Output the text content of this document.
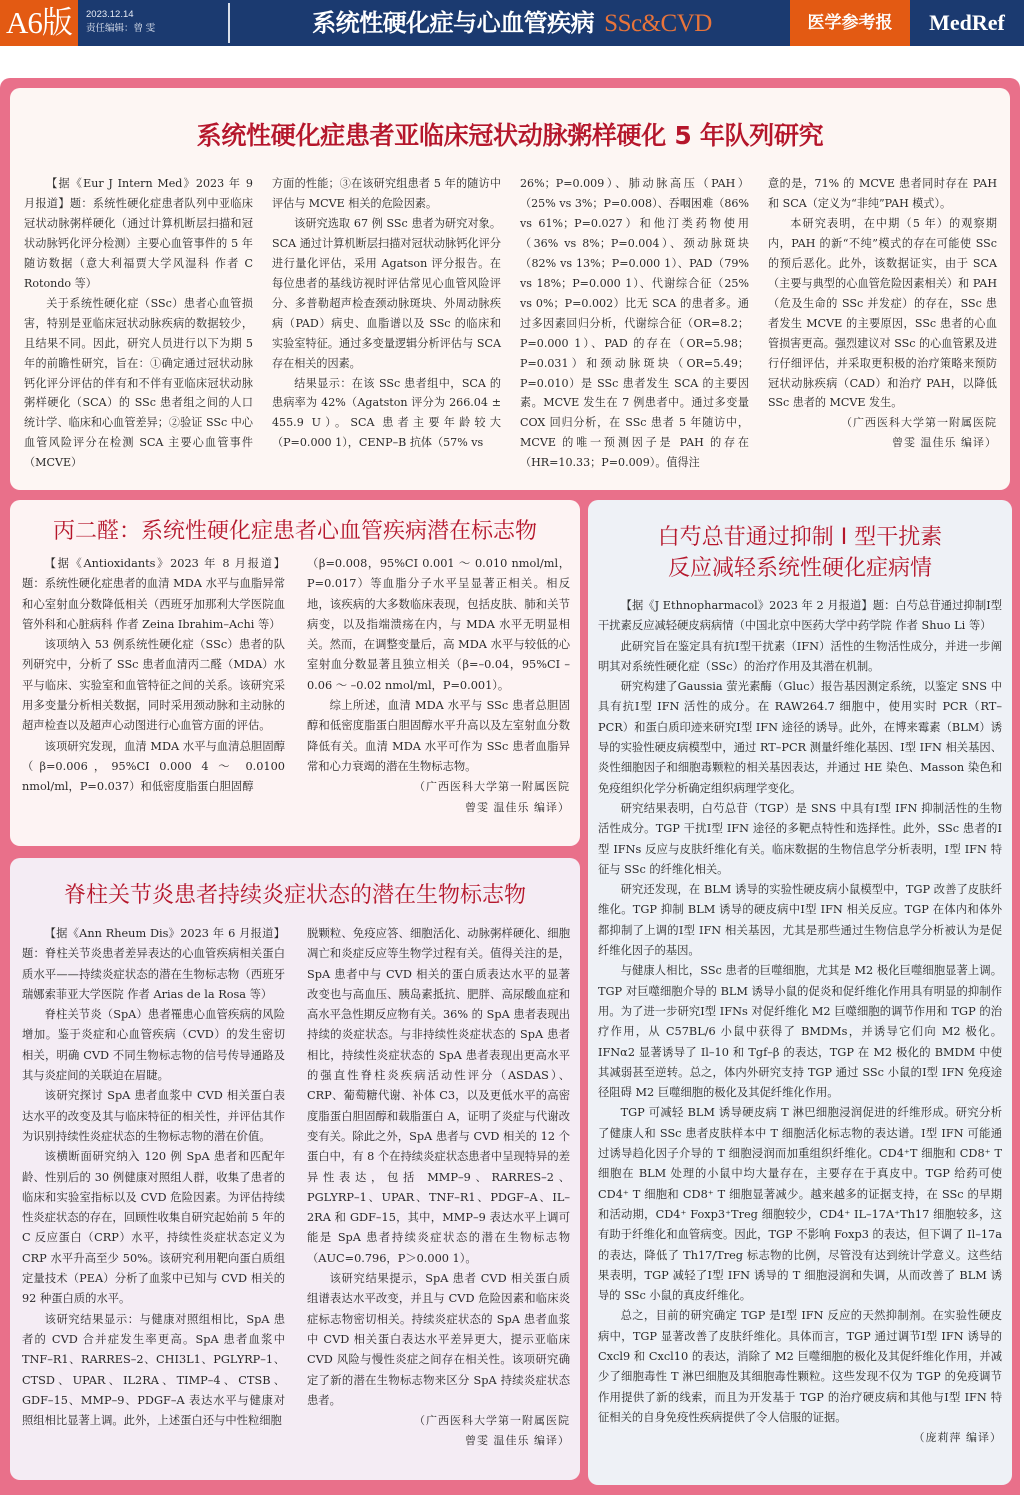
A6版	2023.12.14
责任编辑：曾 雯	系统性硬化症与心血管疾病 SSc&CVD	医学参考报	MedRef
系统性硬化症患者亚临床冠状动脉粥样硬化 5 年队列研究

【据《Eur J Intern Med》2023 年 9 月报道】题：系统性硬化症患者队列中亚临床冠状动脉粥样硬化（通过计算机断层扫描和冠状动脉钙化评分检测）主要心血管事件的 5 年随访数据（意大利福贾大学风湿科 作者 C Rotondo 等）

关于系统性硬化症（SSc）患者心血管损害，特别是亚临床冠状动脉疾病的数据较少，且结果不同。因此，研究人员进行以下为期 5 年的前瞻性研究，旨在：①确定通过冠状动脉钙化评分评估的伴有和不伴有亚临床冠状动脉粥样硬化（SCA）的 SSc 患者组之间的人口统计学、临床和心血管差异；②验证 SSc 中心血管风险评分在检测 SCA 主要心血管事件（MCVE）

方面的性能；③在该研究组患者 5 年的随访中评估与 MCVE 相关的危险因素。

该研究选取 67 例 SSc 患者为研究对象。SCA 通过计算机断层扫描对冠状动脉钙化评分进行量化评估，采用 Agatson 评分报告。在每位患者的基线访视时评估常见心血管风险评分、多普勒超声检查颈动脉斑块、外周动脉疾病（PAD）病史、血脂谱以及 SSc 的临床和实验室特征。通过多变量逻辑分析评估与 SCA 存在相关的因素。

结果显示：在该 SSc 患者组中，SCA 的患病率为 42%（Agatston 评分为 266.04 ± 455.9 U）。SCA 患者主要年龄较大（P=0.000 1），CENP–B 抗体（57% vs

26%；P=0.009）、肺动脉高压（PAH）（25% vs 3%；P=0.008）、吞咽困难（86% vs 61%；P=0.027）和他汀类药物使用（36% vs 8%；P=0.004）、颈动脉斑块（82% vs 13%；P=0.000 1）、PAD（79% vs 18%；P=0.000 1）、代谢综合征（25% vs 0%；P=0.002）比无 SCA 的患者多。通过多因素回归分析，代谢综合征（OR=8.2；P=0.000 1）、PAD 的存在（OR=5.98；P=0.031）和颈动脉斑块（OR=5.49；P=0.010）是 SSc 患者发生 SCA 的主要因素。MCVE 发生在 7 例患者中。通过多变量 COX 回归分析，在 SSc 患者 5 年随访中，MCVE 的唯一预测因子是 PAH 的存在（HR=10.33；P=0.009）。值得注

意的是，71% 的 MCVE 患者同时存在 PAH 和 SCA（定义为“非纯”PAH 模式）。

本研究表明，在中期（5 年）的观察期内，PAH 的新“不纯”模式的存在可能使 SSc 的预后恶化。此外，该数据证实，由于 SCA（主要与典型的心血管危险因素相关）和 PAH（危及生命的 SSc 并发症）的存在，SSc 患者发生 MCVE 的主要原因，SSc 患者的心血管损害更高。强烈建议对 SSc 的心血管累及进行仔细评估，并采取更积极的治疗策略来预防冠状动脉疾病（CAD）和治疗 PAH，以降低 SSc 患者的 MCVE 发生。

（广西医科大学第一附属医院

曾雯 温佳乐 编译）

丙二醛：系统性硬化症患者心血管疾病潜在标志物

【据《Antioxidants》2023 年 8 月报道】题：系统性硬化症患者的血清 MDA 水平与血脂异常和心室射血分数降低相关（西班牙加那利大学医院血管外科和心脏病科 作者 Zeina Ibrahim–Achi 等）

该项纳入 53 例系统性硬化症（SSc）患者的队列研究中，分析了 SSc 患者血清丙二醛（MDA）水平与临床、实验室和血管特征之间的关系。该研究采用多变量分析相关数据，同时采用颈动脉和主动脉的超声检查以及超声心动图进行心血管方面的评估。

该项研究发现，血清 MDA 水平与血清总胆固醇（β=0.006，95%CI 0.000 4 ～ 0.0100 nmol/ml，P=0.037）和低密度脂蛋白胆固醇

（β=0.008，95%CI 0.001 ～ 0.010 nmol/ml，P=0.017）等血脂分子水平呈显著正相关。相反地，该疾病的大多数临床表现，包括皮肤、肺和关节病变，以及指端溃疡在内，与 MDA 水平无明显相关。然而，在调整变量后，高 MDA 水平与较低的心室射血分数显著且独立相关（β=–0.04，95%CI –0.06 ～ –0.02 nmol/ml，P=0.001）。

综上所述，血清 MDA 水平与 SSc 患者总胆固醇和低密度脂蛋白胆固醇水平升高以及左室射血分数降低有关。血清 MDA 水平可作为 SSc 患者血脂异常和心力衰竭的潜在生物标志物。

（广西医科大学第一附属医院

曾雯 温佳乐 编译）

脊柱关节炎患者持续炎症状态的潜在生物标志物

【据《Ann Rheum Dis》2023 年 6 月报道】题：脊柱关节炎患者差异表达的心血管疾病相关蛋白质水平——持续炎症状态的潜在生物标志物（西班牙瑞娜索菲亚大学医院 作者 Arias de la Rosa 等）

脊柱关节炎（SpA）患者罹患心血管疾病的风险增加。鉴于炎症和心血管疾病（CVD）的发生密切相关，明确 CVD 不同生物标志物的信号传导通路及其与炎症间的关联迫在眉睫。

该研究探讨 SpA 患者血浆中 CVD 相关蛋白表达水平的改变及其与临床特征的相关性，并评估其作为识别持续性炎症状态的生物标志物的潜在价值。

该横断面研究纳入 120 例 SpA 患者和匹配年龄、性别后的 30 例健康对照组人群，收集了患者的临床和实验室指标以及 CVD 危险因素。为评估持续性炎症状态的存在，回顾性收集自研究起始前 5 年的 C 反应蛋白（CRP）水平，持续性炎症状态定义为 CRP 水平升高至少 50%。该研究利用靶向蛋白质组定量技术（PEA）分析了血浆中已知与 CVD 相关的 92 种蛋白质的水平。

该研究结果显示：与健康对照组相比，SpA 患者的 CVD 合并症发生率更高。SpA 患者血浆中 TNF–R1、RARRES–2、CHI3L1、PGLYRP–1、CTSD、UPAR、IL2RA、TIMP–4、CTSB、GDF–15、MMP–9、PDGF–A 表达水平与健康对照组相比显著上调。此外，上述蛋白还与中性粒细胞

脱颗粒、免疫应答、细胞活化、动脉粥样硬化、细胞凋亡和炎症反应等生物学过程有关。值得关注的是，SpA 患者中与 CVD 相关的蛋白质表达水平的显著改变也与高血压、胰岛素抵抗、肥胖、高尿酸血症和高水平急性期反应物有关。36% 的 SpA 患者表现出持续的炎症状态。与非持续性炎症状态的 SpA 患者相比，持续性炎症状态的 SpA 患者表现出更高水平的强直性脊柱炎疾病活动性评分（ASDAS）、CRP、葡萄糖代谢、补体 C3，以及更低水平的高密度脂蛋白胆固醇和载脂蛋白 A，证明了炎症与代谢改变有关。除此之外，SpA 患者与 CVD 相关的 12 个蛋白中，有 8 个在持续炎症状态患者中呈现特异的差异性表达，包括 MMP–9、RARRES–2、PGLYRP–1、UPAR、TNF–R1、PDGF–A、IL–2RA 和 GDF–15，其中，MMP–9 表达水平上调可能是 SpA 患者持续炎症状态的潜在生物标志物（AUC=0.796，P＞0.000 1）。

该研究结果提示，SpA 患者 CVD 相关蛋白质组谱表达水平改变，并且与 CVD 危险因素和临床炎症标志物密切相关。持续炎症状态的 SpA 患者血浆中 CVD 相关蛋白表达水平差异更大，提示亚临床 CVD 风险与慢性炎症之间存在相关性。该项研究确定了新的潜在生物标志物来区分 SpA 持续炎症状态患者。

（广西医科大学第一附属医院

曾雯 温佳乐 编译）

白芍总苷通过抑制 I 型干扰素
反应减轻系统性硬化症病情

【据《J Ethnopharmacol》2023 年 2 月报道】题：白芍总苷通过抑制Ⅰ型干扰素反应减轻硬皮病病情（中国北京中医药大学中药学院 作者 Shuo Li 等）

此研究旨在鉴定具有抗Ⅰ型干扰素（IFN）活性的生物活性成分，并进一步阐明其对系统性硬化症（SSc）的治疗作用及其潜在机制。

研究构建了Gaussia 萤光素酶（Gluc）报告基因测定系统，以鉴定 SNS 中具有抗Ⅰ型 IFN 活性的成分。在 RAW264.7 细胞中，使用实时 PCR（RT–PCR）和蛋白质印迹来研究Ⅰ型 IFN 途径的诱导。此外，在博来霉素（BLM）诱导的实验性硬皮病模型中，通过 RT–PCR 测量纤维化基因、Ⅰ型 IFN 相关基因、炎性细胞因子和细胞毒颗粒的相关基因表达，并通过 HE 染色、Masson 染色和免疫组织化学分析确定组织病理学变化。

研究结果表明，白芍总苷（TGP）是 SNS 中具有Ⅰ型 IFN 抑制活性的生物活性成分。TGP 干扰Ⅰ型 IFN 途径的多靶点特性和选择性。此外，SSc 患者的Ⅰ型 IFNs 反应与皮肤纤维化有关。临床数据的生物信息学分析表明，Ⅰ型 IFN 特征与 SSc 的纤维化相关。

研究还发现，在 BLM 诱导的实验性硬皮病小鼠模型中，TGP 改善了皮肤纤维化。TGP 抑制 BLM 诱导的硬皮病中Ⅰ型 IFN 相关反应。TGP 在体内和体外都抑制了上调的Ⅰ型 IFN 相关基因，尤其是那些通过生物信息学分析被认为是促纤维化因子的基因。

与健康人相比，SSc 患者的巨噬细胞，尤其是 M2 极化巨噬细胞显著上调。TGP 对巨噬细胞介导的 BLM 诱导小鼠的促炎和促纤维化作用具有明显的抑制作用。为了进一步研究Ⅰ型 IFNs 对促纤维化 M2 巨噬细胞的调节作用和 TGP 的治疗作用，从 C57BL/6 小鼠中获得了 BMDMs，并诱导它们向 M2 极化。IFNα2 显著诱导了 Il–10 和 Tgf–β 的表达，TGP 在 M2 极化的 BMDM 中使其减弱甚至逆转。总之，体内外研究支持 TGP 通过 SSc 小鼠的Ⅰ型 IFN 免疫途径阻碍 M2 巨噬细胞的极化及其促纤维化作用。

TGP 可减轻 BLM 诱导硬皮病 T 淋巴细胞浸润促进的纤维形成。研究分析了健康人和 SSc 患者皮肤样本中 T 细胞活化标志物的表达谱。Ⅰ型 IFN 可能通过诱导趋化因子介导的 T 细胞浸润而加重组织纤维化。CD4⁺T 细胞和 CD8⁺ T 细胞在 BLM 处理的小鼠中均大量存在，主要存在于真皮中。TGP 给药可使 CD4⁺ T 细胞和 CD8⁺ T 细胞显著减少。越来越多的证据支持，在 SSc 的早期和活动期，CD4⁺ Foxp3⁺Treg 细胞较少，CD4⁺ IL–17A⁺Th17 细胞较多，这有助于纤维化和血管病变。因此，TGP 不影响 Foxp3 的表达，但下调了 Il–17a 的表达，降低了 Th17/Treg 标志物的比例，尽管没有达到统计学意义。这些结果表明，TGP 减轻了Ⅰ型 IFN 诱导的 T 细胞浸润和失调，从而改善了 BLM 诱导的 SSc 小鼠的真皮纤维化。

总之，目前的研究确定 TGP 是Ⅰ型 IFN 反应的天然抑制剂。在实验性硬皮病中，TGP 显著改善了皮肤纤维化。具体而言，TGP 通过调节Ⅰ型 IFN 诱导的 Cxcl9 和 Cxcl10 的表达，消除了 M2 巨噬细胞的极化及其促纤维化作用，并减少了细胞毒性 T 淋巴细胞及其细胞毒性颗粒。这些发现不仅为 TGP 的免疫调节作用提供了新的线索，而且为开发基于 TGP 的治疗硬皮病和其他与Ⅰ型 IFN 特征相关的自身免疫性疾病提供了令人信服的证据。

（庞莉萍 编译）
